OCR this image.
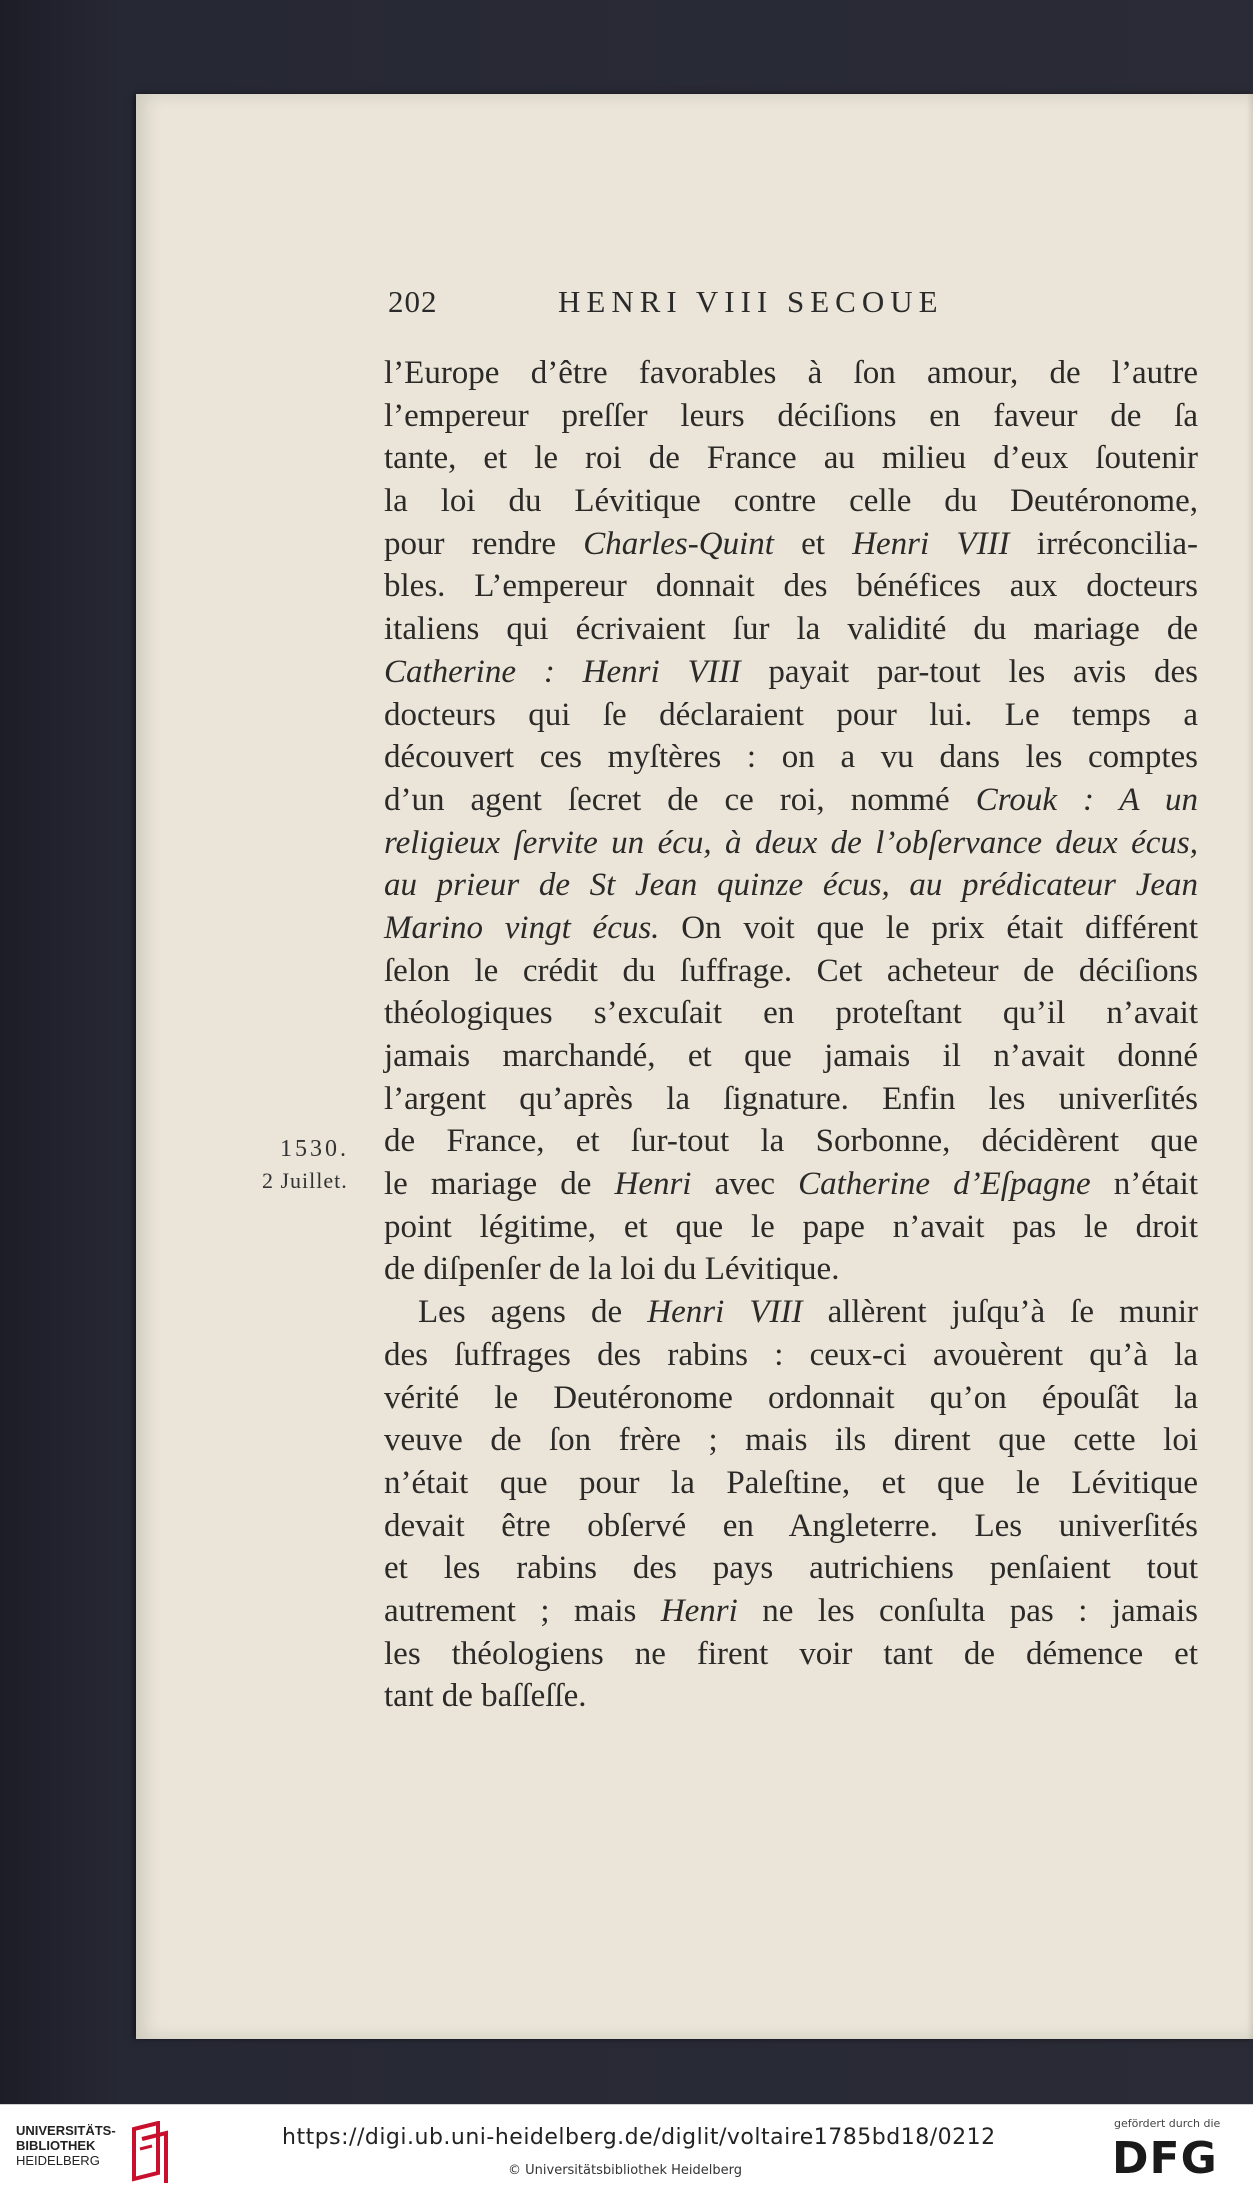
202	HENRI VIII SECOUE
1530.
2 Juillet.
l’Europe d’être favorables à ſon amour, de l’autre
l’empereur preſſer leurs déciſions en faveur de ſa
tante, et le roi de France au milieu d’eux ſoutenir
la loi du Lévitique contre celle du Deutéronome,
pour rendre Charles-Quint et Henri VIII irréconcilia-
bles. L’empereur donnait des bénéfices aux docteurs
italiens qui écrivaient ſur la validité du mariage de
Catherine : Henri VIII payait par-tout les avis des
docteurs qui ſe déclaraient pour lui. Le temps a
découvert ces myſtères : on a vu dans les comptes
d’un agent ſecret de ce roi, nommé Crouk : A un
religieux ſervite un écu, à deux de l’obſervance deux écus,
au prieur de St Jean quinze écus, au prédicateur Jean
Marino vingt écus. On voit que le prix était différent
ſelon le crédit du ſuffrage. Cet acheteur de déciſions
théologiques s’excuſait en proteſtant qu’il n’avait
jamais marchandé, et que jamais il n’avait donné
l’argent qu’après la ſignature. Enfin les univerſités
de France, et ſur-tout la Sorbonne, décidèrent que
le mariage de Henri avec Catherine d’Eſpagne n’était
point légitime, et que le pape n’avait pas le droit
de diſpenſer de la loi du Lévitique.
Les agens de Henri VIII allèrent juſqu’à ſe munir
des ſuffrages des rabins : ceux-ci avouèrent qu’à la
vérité le Deutéronome ordonnait qu’on épouſât la
veuve de ſon frère ; mais ils dirent que cette loi
n’était que pour la Paleſtine, et que le Lévitique
devait être obſervé en Angleterre. Les univerſités
et les rabins des pays autrichiens penſaient tout
autrement ; mais Henri ne les conſulta pas : jamais
les théologiens ne firent voir tant de démence et
tant de baſſeſſe.
UNIVERSITÄTS-
BIBLIOTHEK
HEIDELBERG
https://digi.ub.uni-heidelberg.de/diglit/voltaire1785bd18/0212
© Universitätsbibliothek Heidelberg
gefördert durch die
DFG
